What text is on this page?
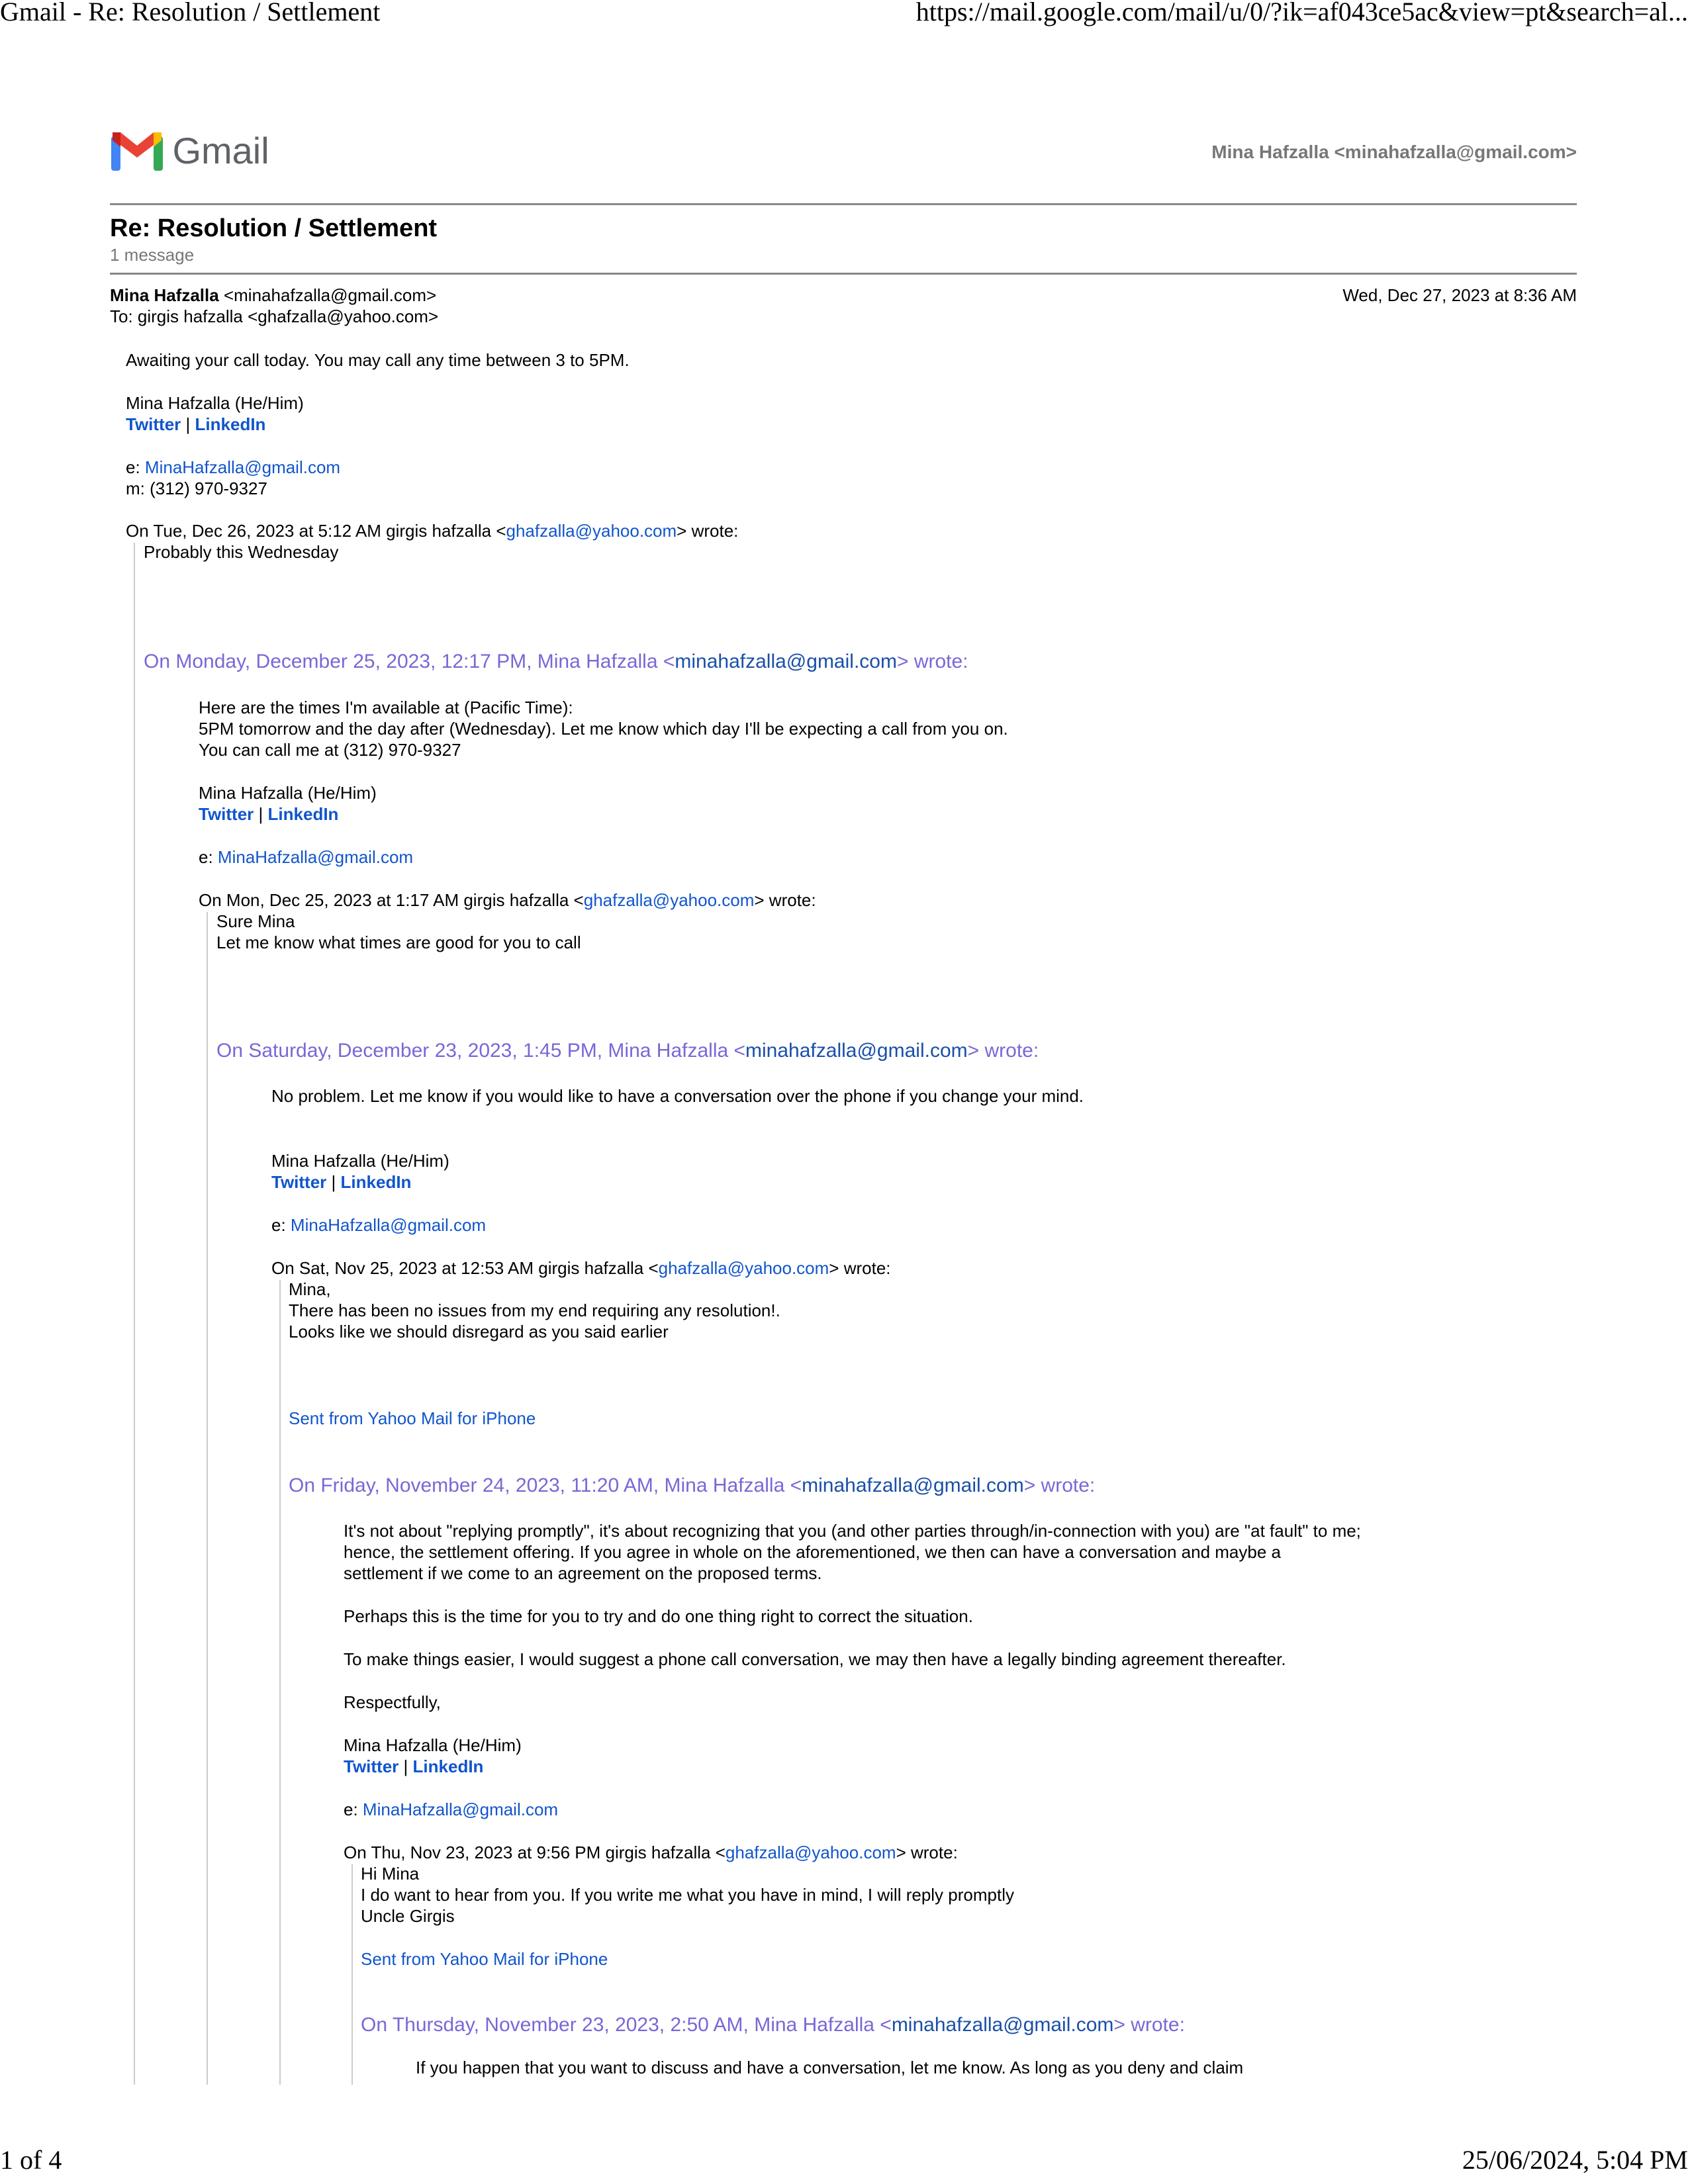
Gmail - Re: Resolution / Settlement	https://mail.google.com/mail/u/0/?ik=af043ce5ac&view=pt&search=al...
1 of 4	25/06/2024, 5:04 PM
Gmail	Mina Hafzalla <minahafzalla@gmail.com>
Re: Resolution / Settlement
1 message
Mina Hafzalla <minahafzalla@gmail.com>	Wed, Dec 27, 2023 at 8:36 AM
To: girgis hafzalla <ghafzalla@yahoo.com>
Awaiting your call today. You may call any time between 3 to 5PM.
Mina Hafzalla (He/Him)
Twitter | LinkedIn
e: MinaHafzalla@gmail.com
m: (312) 970-9327
On Tue, Dec 26, 2023 at 5:12 AM girgis hafzalla <ghafzalla@yahoo.com> wrote:
Probably this Wednesday
On Monday, December 25, 2023, 12:17 PM, Mina Hafzalla <minahafzalla@gmail.com> wrote:
Here are the times I'm available at (Pacific Time):
5PM tomorrow and the day after (Wednesday). Let me know which day I'll be expecting a call from you on.
You can call me at (312) 970-9327
Mina Hafzalla (He/Him)
Twitter | LinkedIn
e: MinaHafzalla@gmail.com
On Mon, Dec 25, 2023 at 1:17 AM girgis hafzalla <ghafzalla@yahoo.com> wrote:
Sure Mina
Let me know what times are good for you to call
On Saturday, December 23, 2023, 1:45 PM, Mina Hafzalla <minahafzalla@gmail.com> wrote:
No problem. Let me know if you would like to have a conversation over the phone if you change your mind.
Mina Hafzalla (He/Him)
Twitter | LinkedIn
e: MinaHafzalla@gmail.com
On Sat, Nov 25, 2023 at 12:53 AM girgis hafzalla <ghafzalla@yahoo.com> wrote:
Mina,
There has been no issues from my end requiring any resolution!.
Looks like we should disregard as you said earlier
Sent from Yahoo Mail for iPhone
On Friday, November 24, 2023, 11:20 AM, Mina Hafzalla <minahafzalla@gmail.com> wrote:
It's not about "replying promptly", it's about recognizing that you (and other parties through/in-connection with you) are "at fault" to me;
hence, the settlement offering. If you agree in whole on the aforementioned, we then can have a conversation and maybe a
settlement if we come to an agreement on the proposed terms.
Perhaps this is the time for you to try and do one thing right to correct the situation.
To make things easier, I would suggest a phone call conversation, we may then have a legally binding agreement thereafter.
Respectfully,
Mina Hafzalla (He/Him)
Twitter | LinkedIn
e: MinaHafzalla@gmail.com
On Thu, Nov 23, 2023 at 9:56 PM girgis hafzalla <ghafzalla@yahoo.com> wrote:
Hi Mina
I do want to hear from you. If you write me what you have in mind, I will reply promptly
Uncle Girgis
Sent from Yahoo Mail for iPhone
On Thursday, November 23, 2023, 2:50 AM, Mina Hafzalla <minahafzalla@gmail.com> wrote:
If you happen that you want to discuss and have a conversation, let me know. As long as you deny and claim
